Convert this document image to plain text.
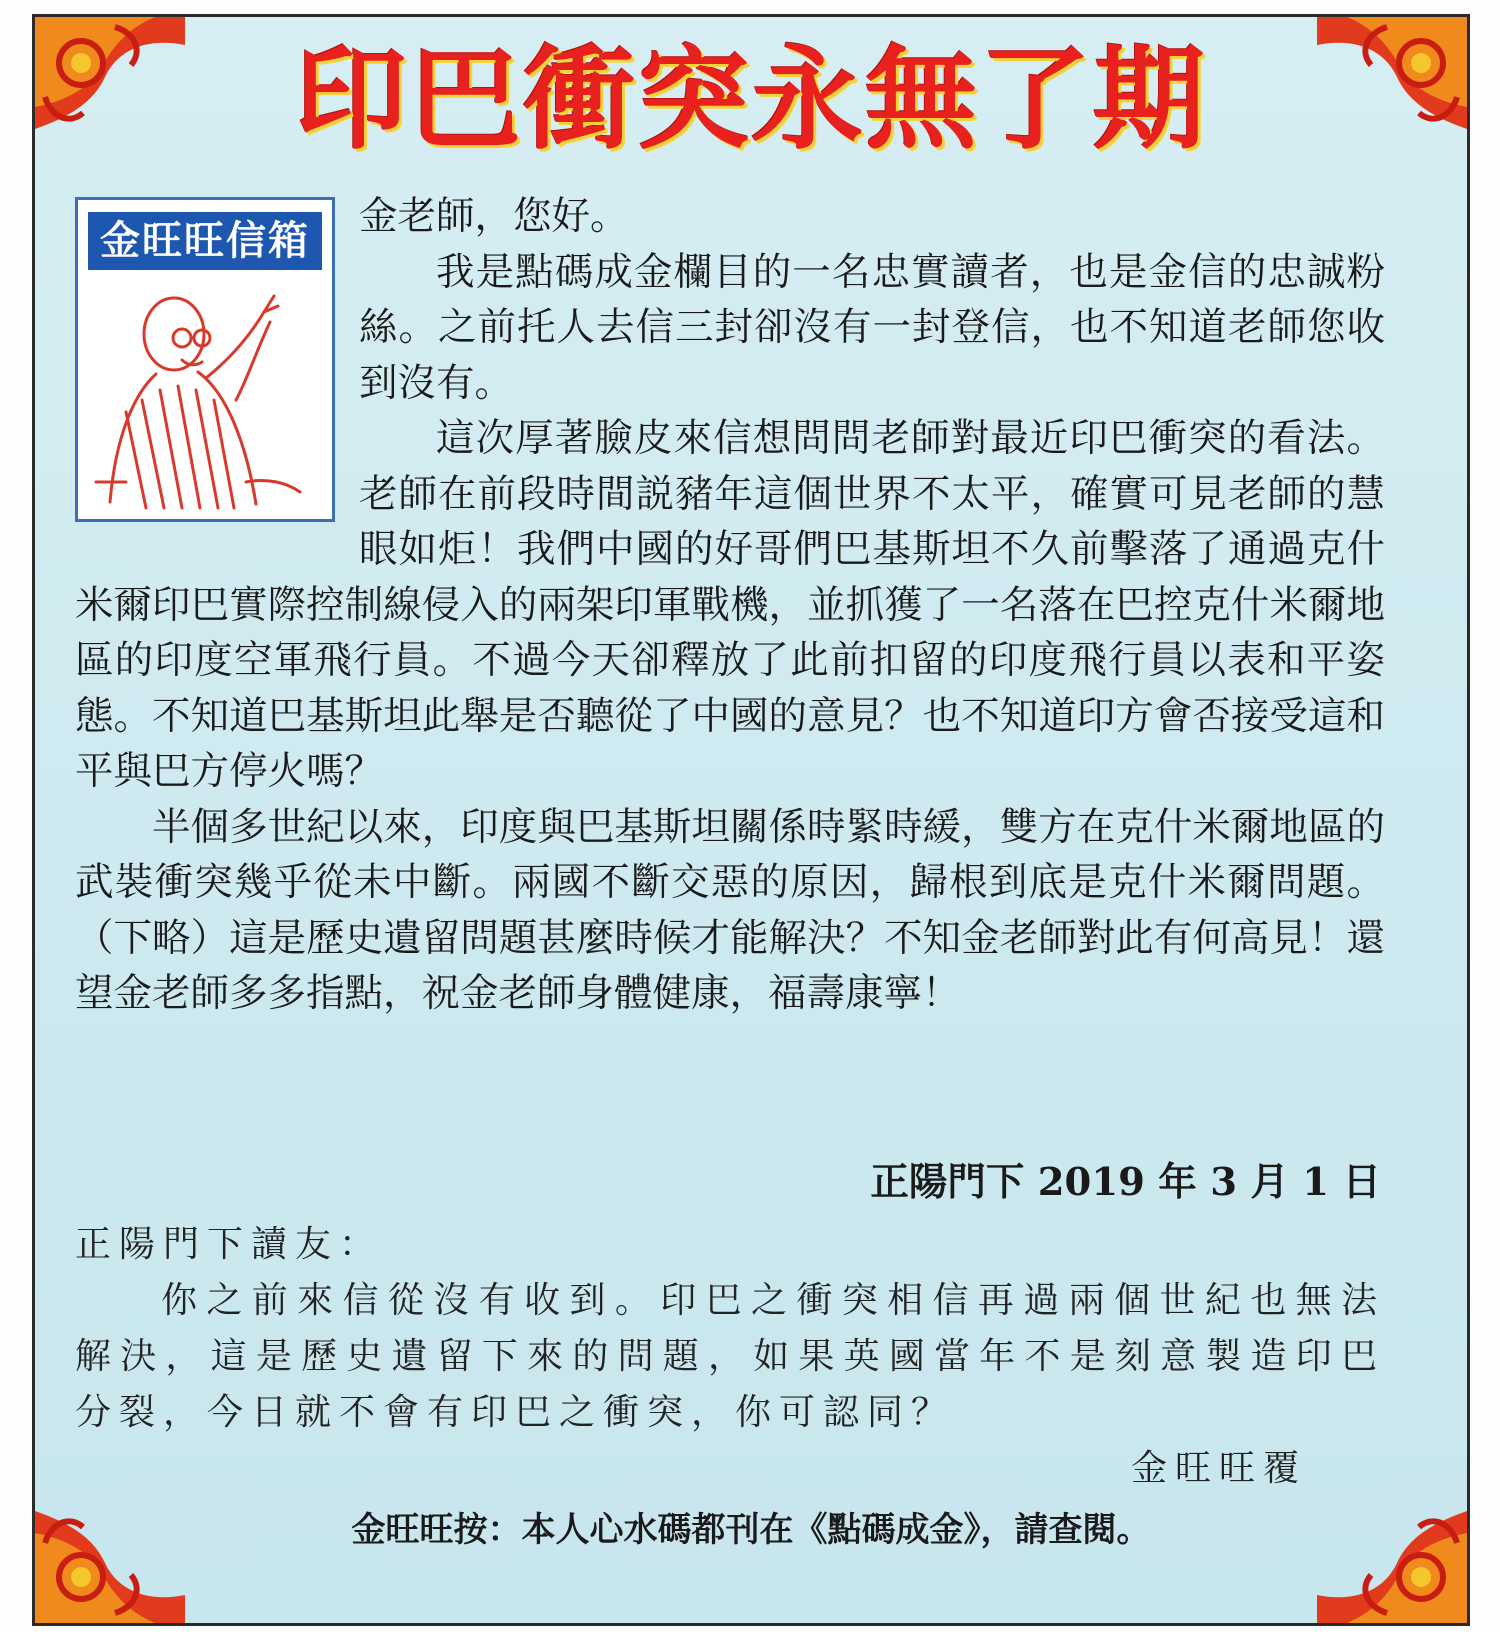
印巴衝突永無了期
金旺旺信箱

金老師，您好。

我是點碼成金欄目的一名忠實讀者，也是金信的忠誠粉絲。之前托人去信三封卻沒有一封登信，也不知道老師您收到沒有。

這次厚著臉皮來信想問問老師對最近印巴衝突的看法。老師在前段時間説豬年這個世界不太平，確實可見老師的慧眼如炬！我們中國的好哥們巴基斯坦不久前擊落了通過克什米爾印巴實際控制線侵入的兩架印軍戰機，並抓獲了一名落在巴控克什米爾地區的印度空軍飛行員。不過今天卻釋放了此前扣留的印度飛行員以表和平姿態。不知道巴基斯坦此舉是否聽從了中國的意見？也不知道印方會否接受這和平與巴方停火嗎？

半個多世紀以來，印度與巴基斯坦關係時緊時緩，雙方在克什米爾地區的武裝衝突幾乎從未中斷。兩國不斷交惡的原因，歸根到底是克什米爾問題。（下略）這是歷史遺留問題甚麼時候才能解決？不知金老師對此有何高見！還望金老師多多指點，祝金老師身體健康，福壽康寧！

正陽門下 2019 年 3 月 1 日

正陽門下讀友：

你之前來信從沒有收到。印巴之衝突相信再過兩個世紀也無法解決，這是歷史遺留下來的問題，如果英國當年不是刻意製造印巴分裂，今日就不會有印巴之衝突，你可認同？

金旺旺覆
金旺旺按：本人心水碼都刊在《點碼成金》，請查閱。
